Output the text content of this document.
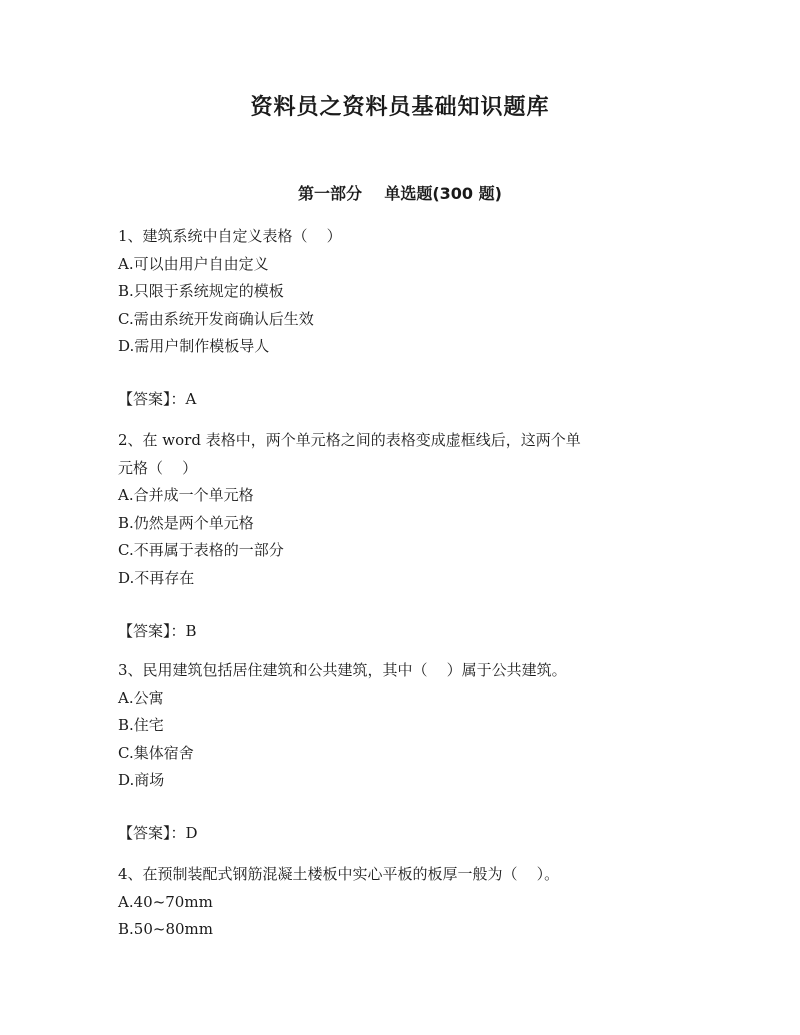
资料员之资料员基础知识题库
第一部分    单选题(300 题)
1、建筑系统中自定义表格（    ）
A.可以由用户自由定义
B.只限于系统规定的模板
C.需由系统开发商确认后生效
D.需用户制作模板导人
【答案】：A
2、在 word 表格中，两个单元格之间的表格变成虚框线后，这两个单
元格（    ）
A.合并成一个单元格
B.仍然是两个单元格
C.不再属于表格的一部分
D.不再存在
【答案】：B
3、民用建筑包括居住建筑和公共建筑，其中（    ）属于公共建筑。
A.公寓
B.住宅
C.集体宿舍
D.商场
【答案】：D
4、在预制装配式钢筋混凝土楼板中实心平板的板厚一般为（    ）。
A.40~70mm
B.50~80mm
